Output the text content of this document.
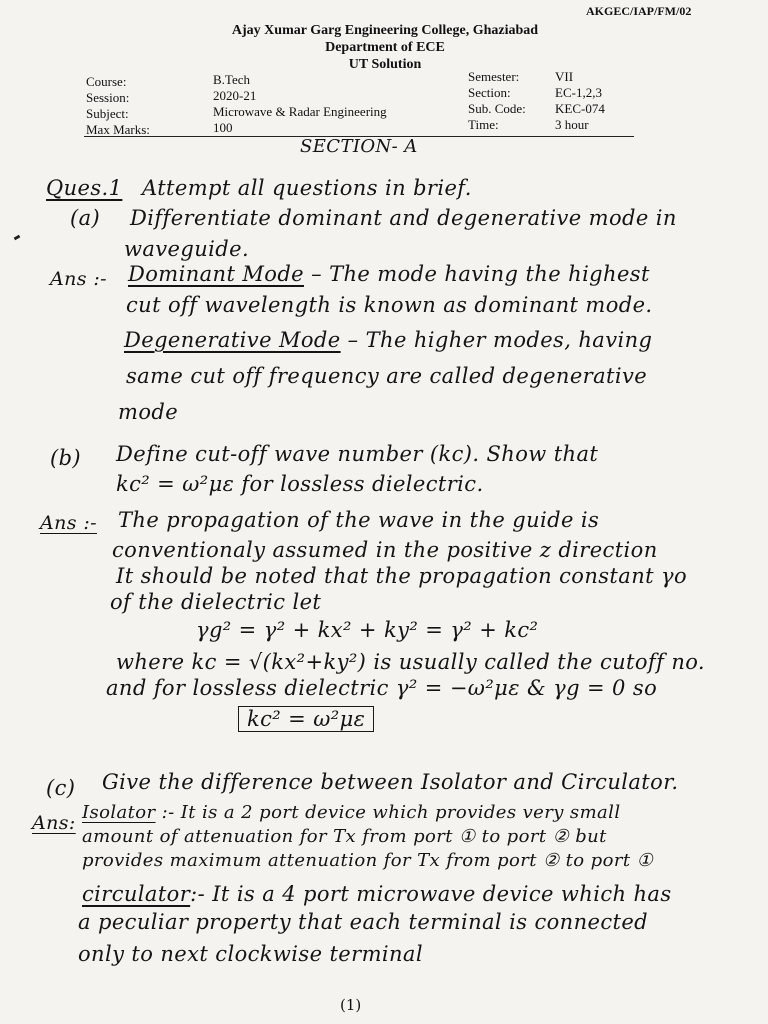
AKGEC/IAP/FM/02
Ajay Xumar Garg Engineering College, Ghaziabad
Department of ECE
UT Solution
Course:
Session:
Subject:
Max Marks:
B.Tech
2020-21
Microwave & Radar Engineering
100
Semester:
Section:
Sub. Code:
Time:
VII
EC-1,2,3
KEC-074
3 hour
SECTION- A
Ques.1 Attempt all questions in brief.
(a) Differentiate dominant and degenerative mode in
waveguide.
Ans :- Dominant Mode – The mode having the highest
cut off wavelength is known as dominant mode.
Degenerative Mode – The higher modes, having
same cut off frequency are called degenerative
mode
(b) Define cut-off wave number (kc). Show that
kc² = ω²με for lossless dielectric.
Ans :- The propagation of the wave in the guide is
conventionaly assumed in the positive z direction
It should be noted that the propagation constant γo
of the dielectric let
γg² = γ² + kx² + ky² = γ² + kc²
where kc = √(kx²+ky²) is usually called the cutoff no.
and for lossless dielectric γ² = −ω²με & γg = 0 so
kc² = ω²με
(c) Give the difference between Isolator and Circulator.
Ans: Isolator :- It is a 2 port device which provides very small
amount of attenuation for Tx from port ① to port ② but
provides maximum attenuation for Tx from port ② to port ①
circulator:- It is a 4 port microwave device which has
a peculiar property that each terminal is connected
only to next clockwise terminal
(1)
